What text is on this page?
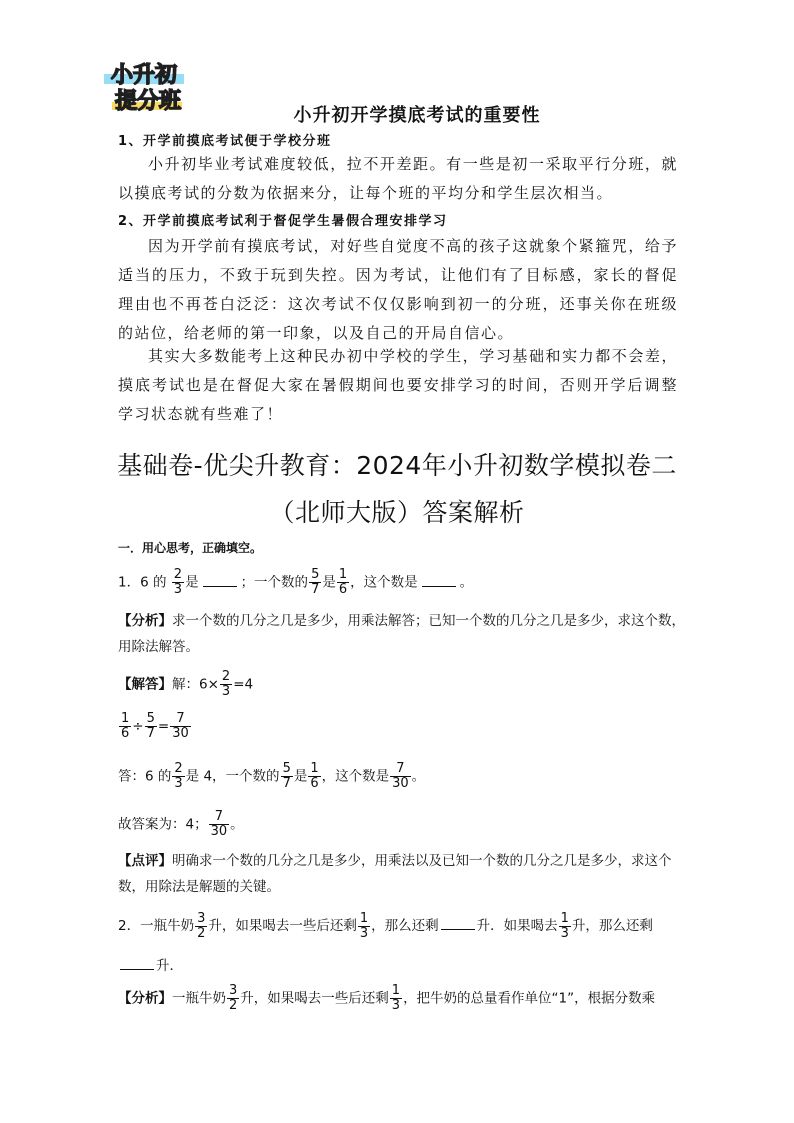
小升初
提分班
小升初开学摸底考试的重要性
1、开学前摸底考试便于学校分班
小升初毕业考试难度较低，拉不开差距。有一些是初一采取平行分班，就以摸底考试的分数为依据来分，让每个班的平均分和学生层次相当。
2、开学前摸底考试利于督促学生暑假合理安排学习
因为开学前有摸底考试，对好些自觉度不高的孩子这就象个紧箍咒，给予适当的压力，不致于玩到失控。因为考试，让他们有了目标感，家长的督促理由也不再苍白泛泛：这次考试不仅仅影响到初一的分班，还事关你在班级的站位，给老师的第一印象，以及自己的开局自信心。
其实大多数能考上这种民办初中学校的学生，学习基础和实力都不会差，摸底考试也是在督促大家在暑假期间也要安排学习的时间，否则开学后调整学习状态就有些难了！
基础卷-优尖升教育：2024年小升初数学模拟卷二
（北师大版）答案解析
一．用心思考，正确填空。
1．6 的 $\frac{2}{3}$ 是	；一个数的 $\frac{5}{7}$ 是 $\frac{1}{6}$ ，这个数是	。
【分析】求一个数的几分之几是多少，用乘法解答；已知一个数的几分之几是多少，求这个数，用除法解答。
【解答】解：$6\times \frac{2}{3} =4$
$\frac{1}{6} \div \frac{5}{7} = \frac{7}{30}$
答：6 的 $\frac{2}{3}$ 是 4，一个数的 $\frac{5}{7}$ 是 $\frac{1}{6}$ ，这个数是 $\frac{7}{30}$ 。
故答案为：4； $\frac{7}{30}$ 。
【点评】明确求一个数的几分之几是多少，用乘法以及已知一个数的几分之几是多少，求这个数，用除法是解题的关键。
2．一瓶牛奶 $\frac{3}{2}$ 升，如果喝去一些后还剩 $\frac{1}{3}$ ，那么还剩	升．如果喝去 $\frac{1}{3}$ 升，那么还剩升．
【分析】一瓶牛奶 $\frac{3}{2}$ 升，如果喝去一些后还剩 $\frac{1}{3}$ ，把牛奶的总量看作单位“1”，根据分数乘
